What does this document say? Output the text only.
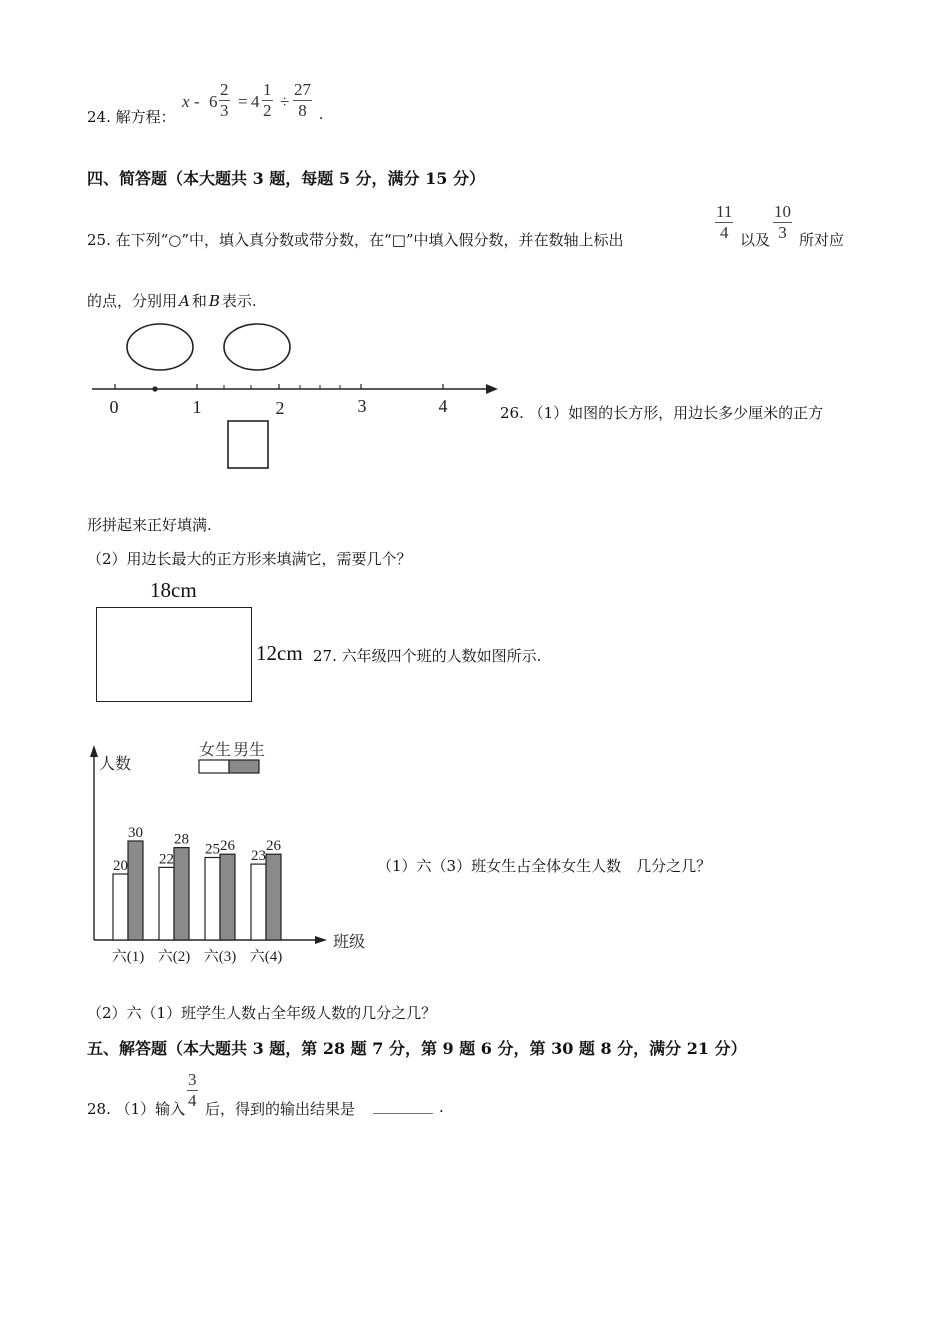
24. 解方程：
$x - 6 \frac{2}{3} = 4 \frac{1}{2} \div \frac{27}{8}$ .
四、简答题（本大题共 3 题，每题 5 分，满分 15 分）
25. 在下列“○”中，填入真分数或带分数，在“□”中填入假分数，并在数轴上标出	$\frac{11}{4}$ 以及 $\frac{10}{3}$ 所对应
的点，分别用 A 和 B 表示.
0	1	2	3	4	26. （1）如图的长方形，用边长多少厘米的正方
形拼起来正好填满.
（2）用边长最大的正方形来填满它，需要几个？
18cm
12cm 27. 六年级四个班的人数如图所示.
女生 男生
人数
班级
20
30
六(1)
22
28
六(2)
25 26
六(3)
23
26
六(4)
（1）六（3）班女生占全体女生人数　几分之几？
（2）六（1）班学生人数占全年级人数的几分之几？
五、解答题（本大题共 3 题，第 28 题 7 分，第 9 题 6 分，第 30 题 8 分，满分 21 分）
28. （1）输入 $\frac{3}{4}$ 后，得到的输出结果是 ________ .
